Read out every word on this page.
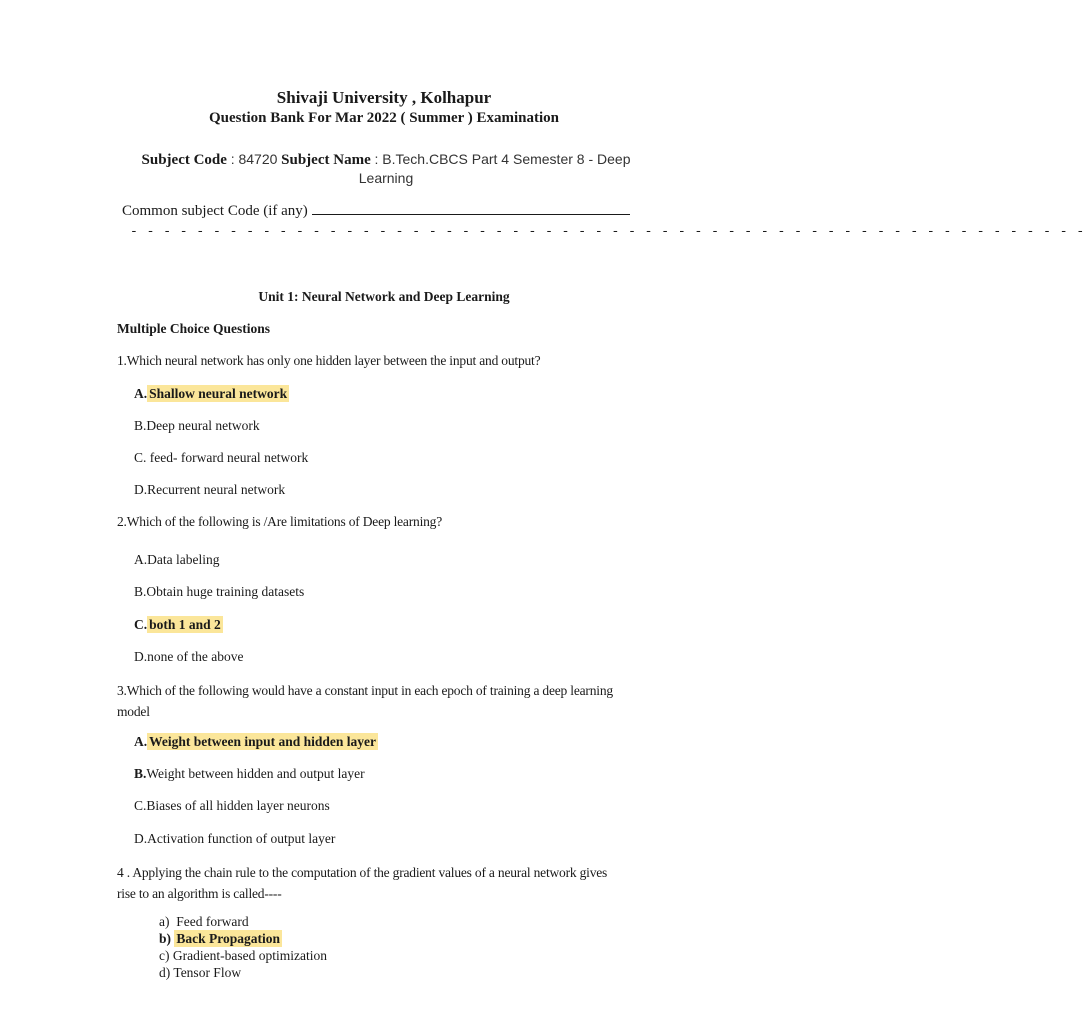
Shivaji University , Kolhapur
Question Bank For Mar 2022 ( Summer ) Examination
Subject Code : 84720 Subject Name : B.Tech.CBCS Part 4 Semester 8 - Deep Learning
Common subject Code (if any)
- - - - - - - - - - - - - - - - - - - - - - - - - - - - - - - - - - - - - - - - - - - - - - - - - - - - - - - - - -
Unit 1: Neural Network and Deep Learning
Multiple Choice Questions
1.Which neural network has only one hidden layer between the input and output?
A. Shallow neural network
B.Deep neural network
C. feed- forward neural network
D.Recurrent neural network
2.Which of the following is /Are limitations of Deep learning?
A.Data labeling
B.Obtain huge training datasets
C. both 1 and 2
D.none of the above
3.Which of the following would have a constant input in each epoch of training a deep learning model
A. Weight between input and hidden layer
B.Weight between hidden and output layer
C.Biases of all hidden layer neurons
D.Activation function of output layer
4 . Applying the chain rule to the computation of the gradient values of a neural network gives rise to an algorithm is called----
a) Feed forward
b) Back Propagation
c) Gradient-based optimization
d) Tensor Flow
